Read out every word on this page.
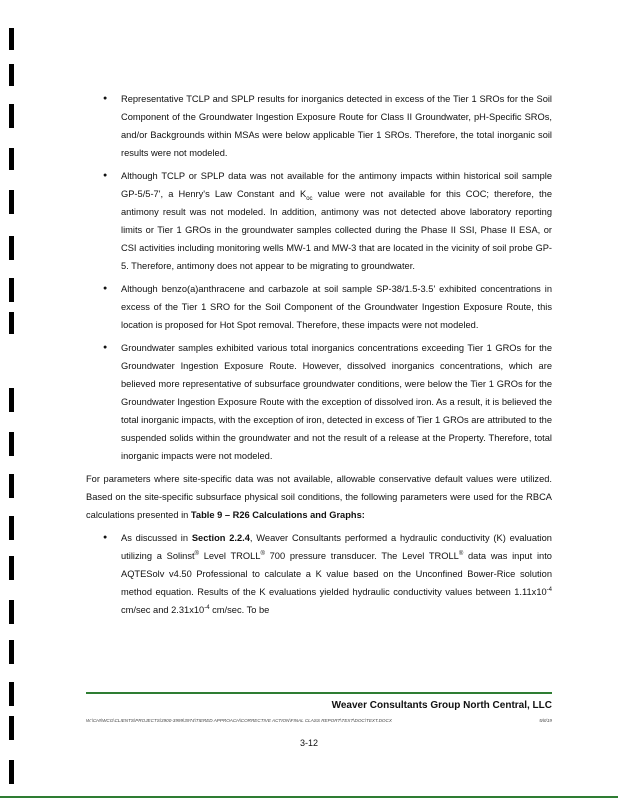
● Representative TCLP and SPLP results for inorganics detected in excess of the Tier 1 SROs for the Soil Component of the Groundwater Ingestion Exposure Route for Class II Groundwater, pH-Specific SROs, and/or Backgrounds within MSAs were below applicable Tier 1 SROs. Therefore, the total inorganic soil results were not modeled.
● Although TCLP or SPLP data was not available for the antimony impacts within historical soil sample GP-5/5-7', a Henry's Law Constant and $K_{oc}$ value were not available for this COC; therefore, the antimony result was not modeled. In addition, antimony was not detected above laboratory reporting limits or Tier 1 GROs in the groundwater samples collected during the Phase II SSI, Phase II ESA, or CSI activities including monitoring wells MW-1 and MW-3 that are located in the vicinity of soil probe GP-5. Therefore, antimony does not appear to be migrating to groundwater.
● Although benzo(a)anthracene and carbazole at soil sample SP-38/1.5-3.5' exhibited concentrations in excess of the Tier 1 SRO for the Soil Component of the Groundwater Ingestion Exposure Route, this location is proposed for Hot Spot removal. Therefore, these impacts were not modeled.
● Groundwater samples exhibited various total inorganics concentrations exceeding Tier 1 GROs for the Groundwater Ingestion Exposure Route. However, dissolved inorganics concentrations, which are believed more representative of subsurface groundwater conditions, were below the Tier 1 GROs for the Groundwater Ingestion Exposure Route with the exception of dissolved iron. As a result, it is believed the total inorganic impacts, with the exception of iron, detected in excess of Tier 1 GROs are attributed to the suspended solids within the groundwater and not the result of a release at the Property. Therefore, total inorganic impacts were not modeled.

For parameters where site-specific data was not available, allowable conservative default values were utilized. Based on the site-specific subsurface physical soil conditions, the following parameters were used for the RBCA calculations presented in Table 9 – R26 Calculations and Graphs:

● As discussed in Section 2.2.4, Weaver Consultants performed a hydraulic conductivity (K) evaluation utilizing a Solinst® Level TROLL® 700 pressure transducer. The Level TROLL® data was input into AQTESolv v4.50 Professional to calculate a K value based on the Unconfined Bower-Rice solution method equation. Results of the K evaluations yielded hydraulic conductivity values between $1.11x10^{-4}$ cm/sec and $2.31x10^{-4}$ cm/sec. To be
Weaver Consultants Group North Central, LLC
W:\CHI\WCG\CLIENTS\PROJECTS\3900-3999\3974\TIERED APPROACH\CORRECTIVE ACTION\FINAL CLASS REPORT\TEXT\DOC\TEXT.DOCX	5/8/19
3-12
